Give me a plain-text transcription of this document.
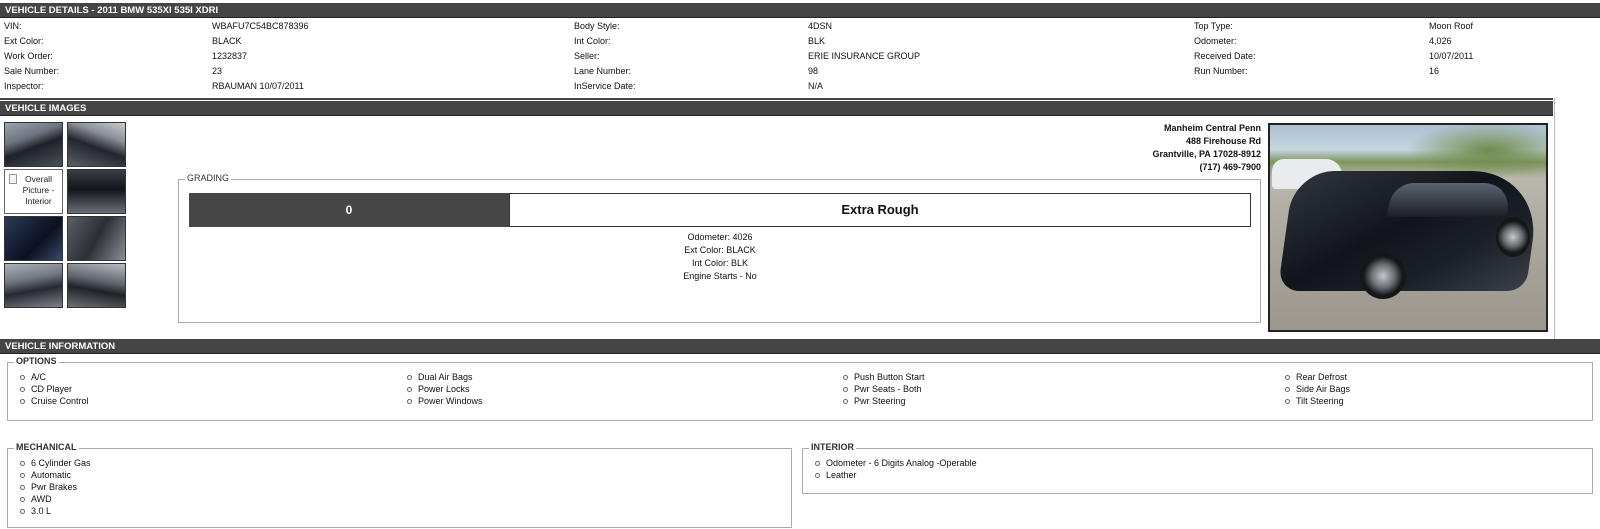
VEHICLE DETAILS - 2011 BMW 535XI 535I XDRI
VIN:	WBAFU7C54BC878396	Body Style:	4DSN	Top Type:	Moon Roof
Ext Color:	BLACK	Int Color:	BLK	Odometer:	4,026
Work Order:	1232837	Seller:	ERIE INSURANCE GROUP	Received Date:	10/07/2011
Sale Number:	23	Lane Number:	98	Run Number:	16
Inspector:	RBAUMAN 10/07/2011	InService Date:	N/A
VEHICLE IMAGES
Overall Picture - Interior
Manheim Central Penn
488 Firehouse Rd
Grantville, PA 17028-8912
(717) 469-7900
GRADING
0	Extra Rough
Odometer: 4026
Ext Color: BLACK
Int Color: BLK
Engine Starts - No
VEHICLE INFORMATION
OPTIONS
A/C
CD Player
Cruise Control
Dual Air Bags
Power Locks
Power Windows
Push Button Start
Pwr Seats - Both
Pwr Steering
Rear Defrost
Side Air Bags
Tilt Steering
MECHANICAL
6 Cylinder Gas
Automatic
Pwr Brakes
AWD
3.0 L
INTERIOR
Odometer - 6 Digits Analog -Operable
Leather
